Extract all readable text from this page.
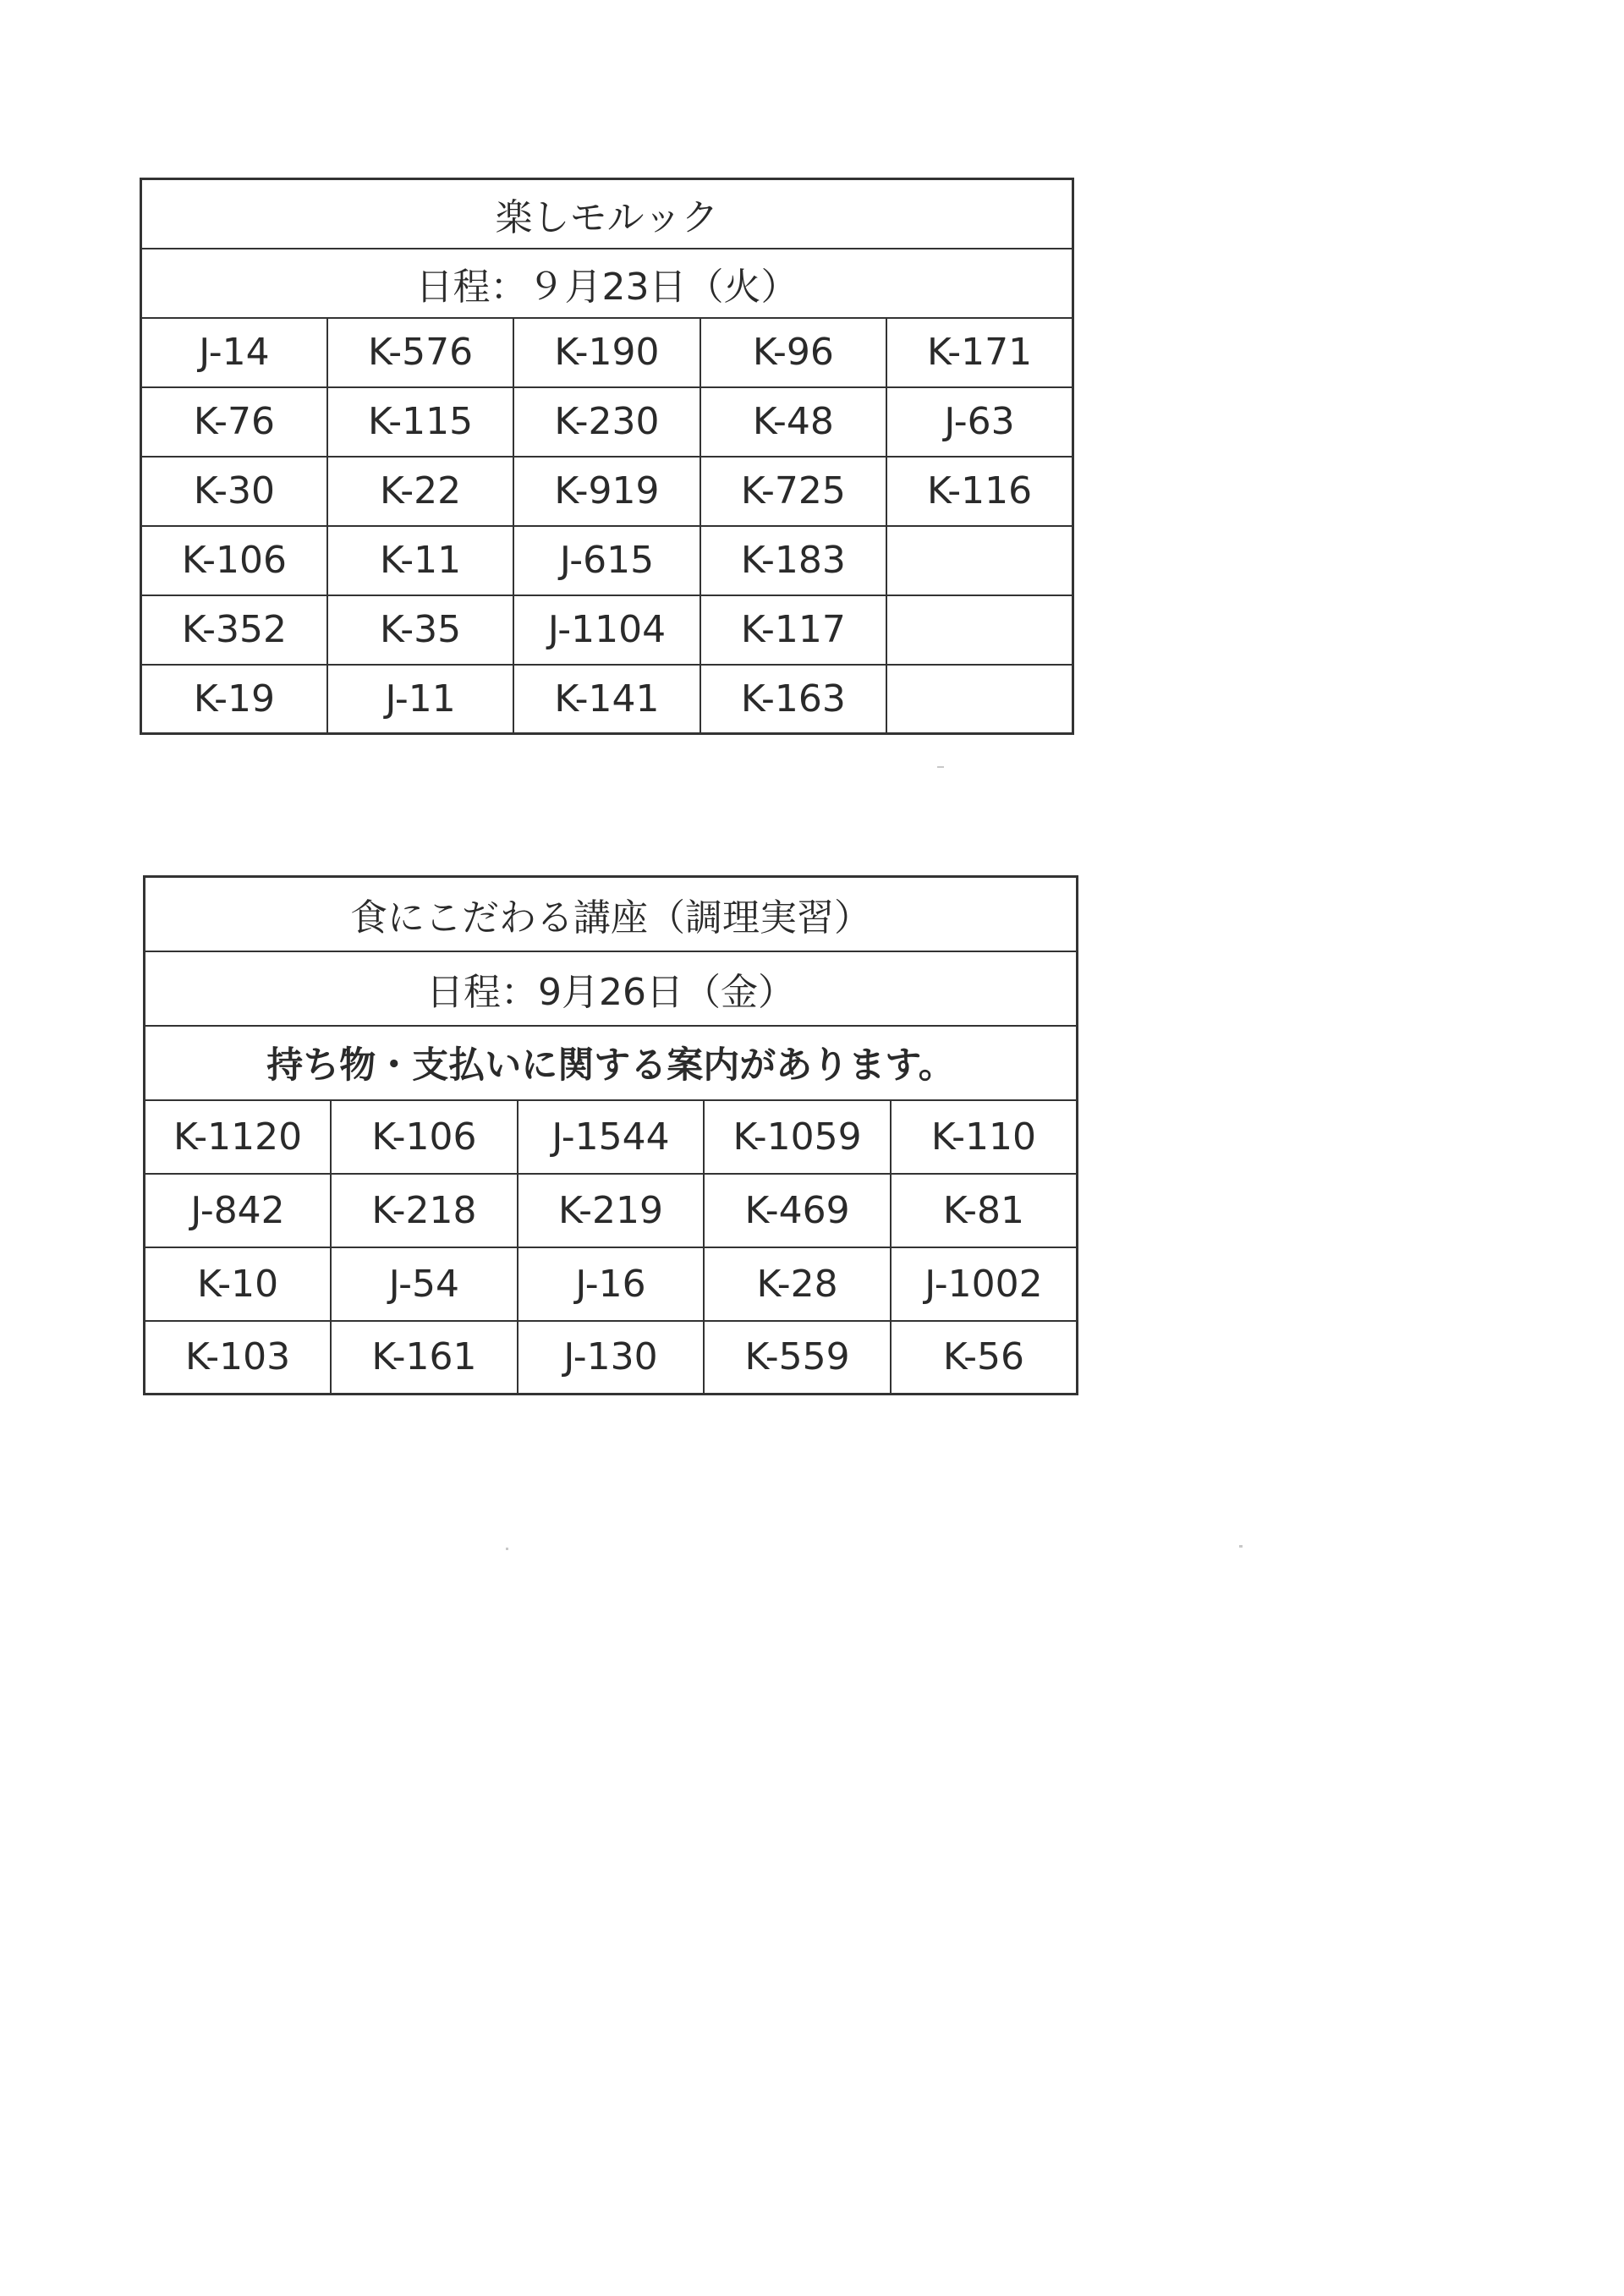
楽しモルック				
日程：９月23日（火）				
J-14	K-576	K-190	K-96	K-171
K-76	K-115	K-230	K-48	J-63
K-30	K-22	K-919	K-725	K-116
K-106	K-11	J-615	K-183	
K-352	K-35	J-1104	K-117	
K-19	J-11	K-141	K-163	
食にこだわる講座（調理実習）				
日程：9月26日（金）				
持ち物・支払いに関する案内があります。				
K-1120	K-106	J-1544	K-1059	K-110
J-842	K-218	K-219	K-469	K-81
K-10	J-54	J-16	K-28	J-1002
K-103	K-161	J-130	K-559	K-56
